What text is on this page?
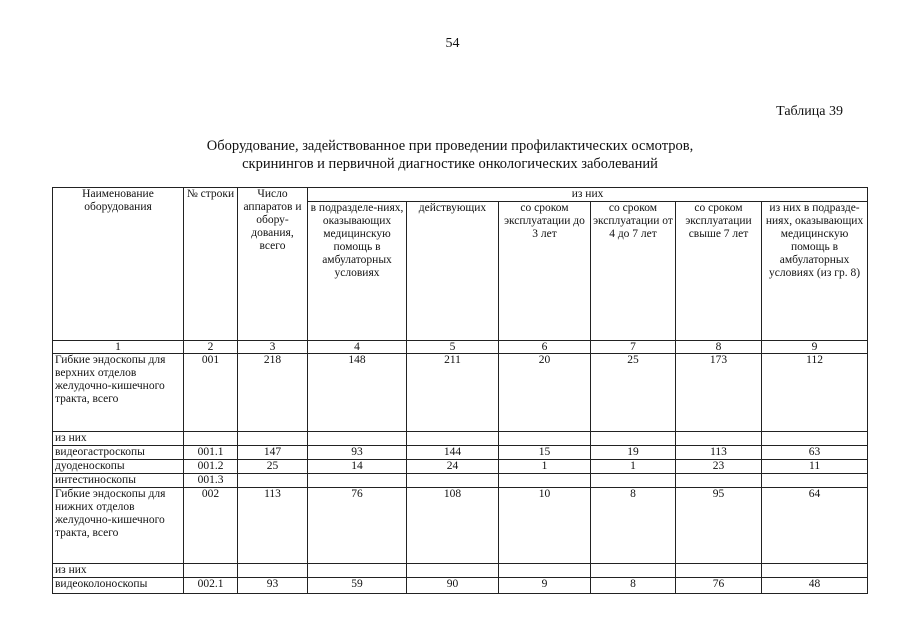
54
Таблица 39
Оборудование, задействованное при проведении профилактических осмотров,
скринингов и первичной диагностике онкологических заболеваний
Наименование оборудования	№ строки	Число аппаратов и обору-дования, всего	из них					
			в подразделе-ниях, оказывающих медицинскую помощь в амбулаторных условиях	действующих	со сроком эксплуатации до 3 лет	со сроком эксплуатации от 4 до 7 лет	со сроком эксплуатации свыше 7 лет	из них в подразде-ниях, оказывающих медицинскую помощь в амбулаторных условиях (из гр. 8)
1	2	3	4	5	6	7	8	9
Гибкие эндоскопы для верхних отделов желудочно-кишечного тракта, всего	001	218	148	211	20	25	173	112
из них								
видеогастроскопы	001.1	147	93	144	15	19	113	63
дуоденоскопы	001.2	25	14	24	1	1	23	11
интестиноскопы	001.3							
Гибкие эндоскопы для нижних отделов желудочно-кишечного тракта, всего	002	113	76	108	10	8	95	64
из них								
видеоколоноскопы	002.1	93	59	90	9	8	76	48
